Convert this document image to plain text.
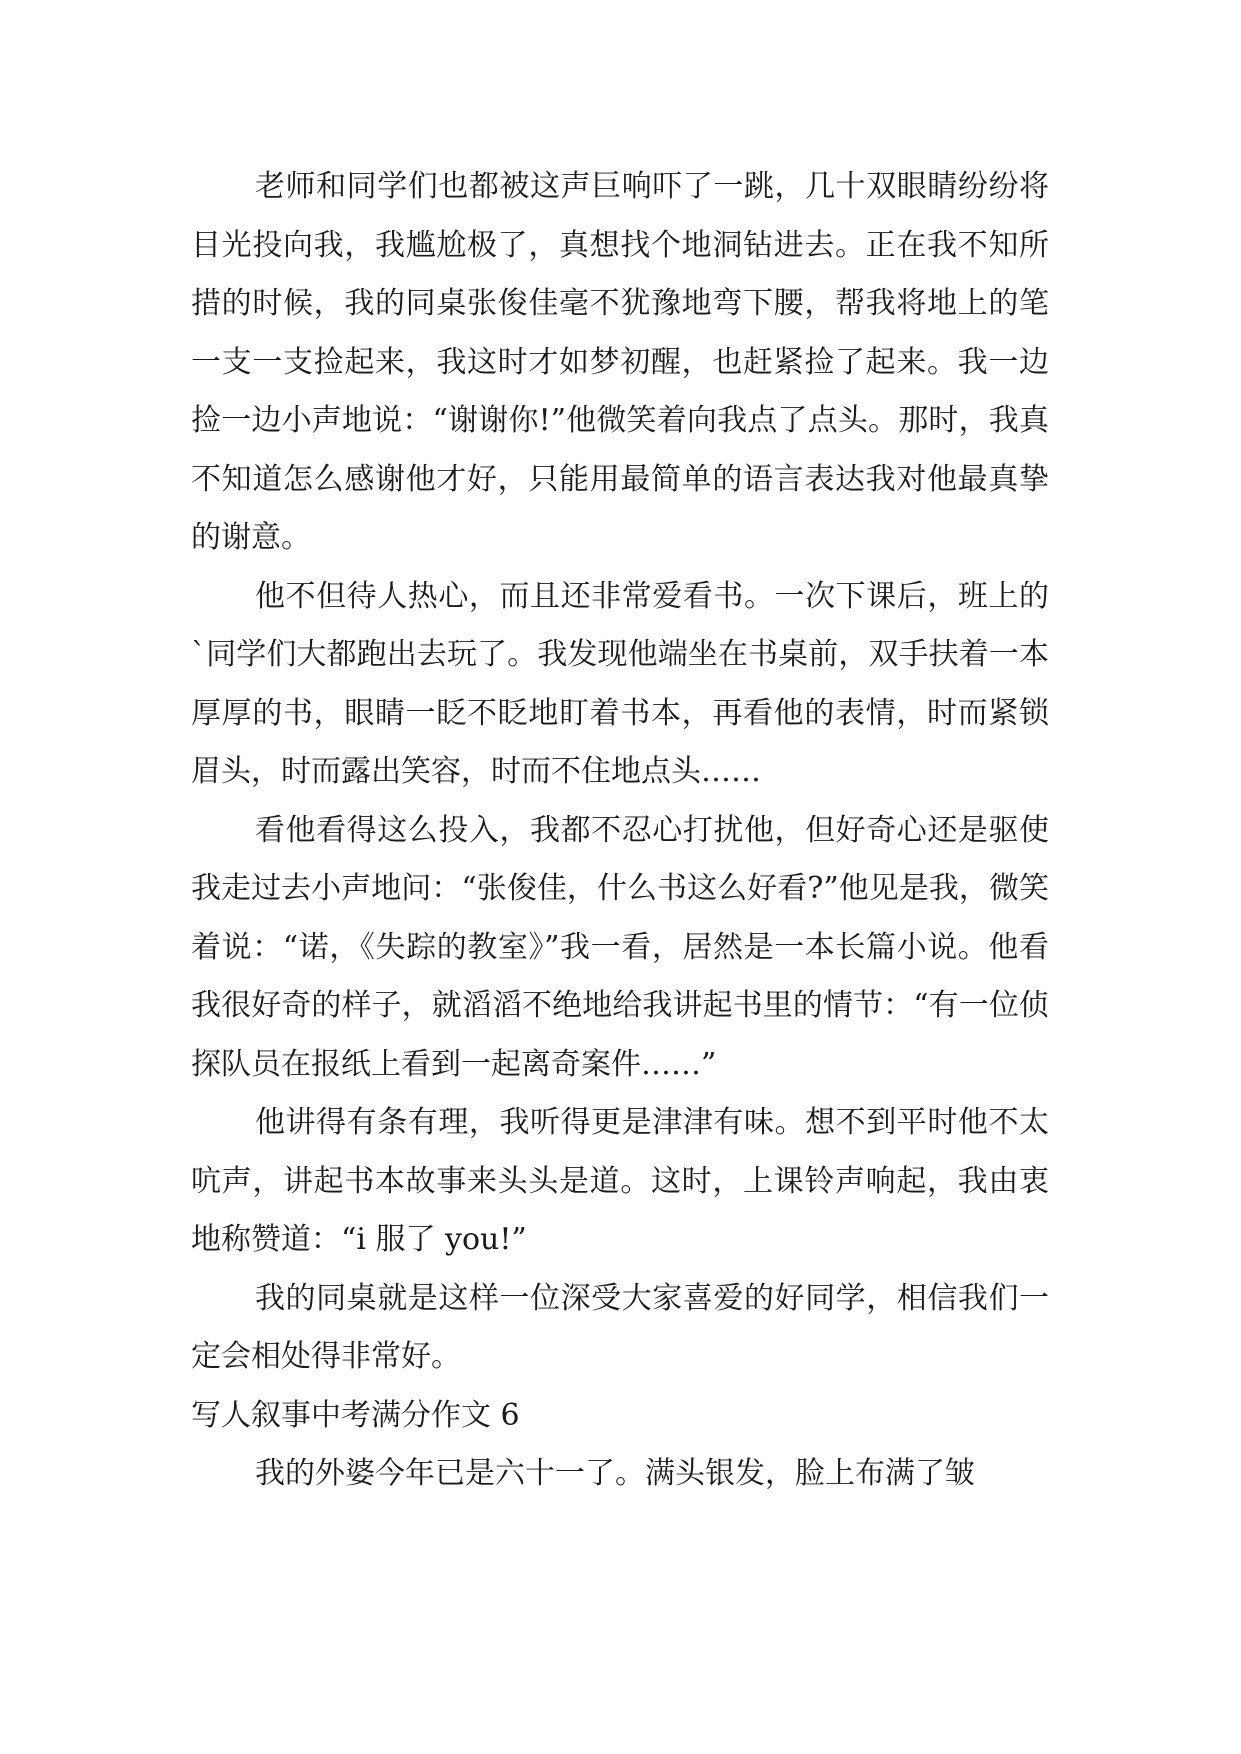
老师和同学们也都被这声巨响吓了一跳，几十双眼睛纷纷将目光投向我，我尴尬极了，真想找个地洞钻进去。正在我不知所措的时候，我的同桌张俊佳毫不犹豫地弯下腰，帮我将地上的笔一支一支捡起来，我这时才如梦初醒，也赶紧捡了起来。我一边捡一边小声地说：“谢谢你!”他微笑着向我点了点头。那时，我真不知道怎么感谢他才好，只能用最简单的语言表达我对他最真挚的谢意。

他不但待人热心，而且还非常爱看书。一次下课后，班上的`同学们大都跑出去玩了。我发现他端坐在书桌前，双手扶着一本厚厚的书，眼睛一眨不眨地盯着书本，再看他的表情，时而紧锁眉头，时而露出笑容，时而不住地点头……

看他看得这么投入，我都不忍心打扰他，但好奇心还是驱使我走过去小声地问：“张俊佳，什么书这么好看?”他见是我，微笑着说：“诺，《失踪的教室》”我一看，居然是一本长篇小说。他看我很好奇的样子，就滔滔不绝地给我讲起书里的情节：“有一位侦探队员在报纸上看到一起离奇案件……”

他讲得有条有理，我听得更是津津有味。想不到平时他不太吭声，讲起书本故事来头头是道。这时，上课铃声响起，我由衷地称赞道：“i 服了 you!”

我的同桌就是这样一位深受大家喜爱的好同学，相信我们一定会相处得非常好。

写人叙事中考满分作文 6

我的外婆今年已是六十一了。满头银发，脸上布满了皱
